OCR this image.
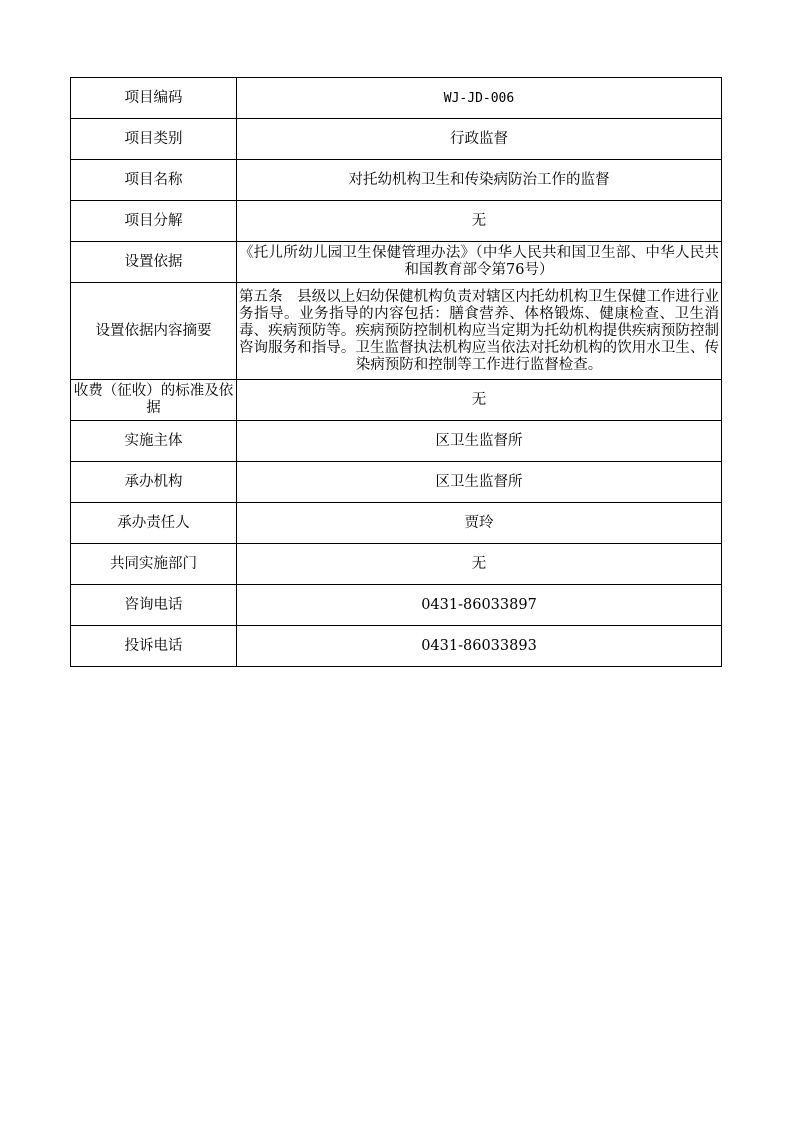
项目编码	WJ-JD-006
项目类别	行政监督
项目名称	对托幼机构卫生和传染病防治工作的监督
项目分解	无
设置依据	《托儿所幼儿园卫生保健管理办法》（中华人民共和国卫生部、中华人民共和国教育部令第76号）
设置依据内容摘要	第五条　县级以上妇幼保健机构负责对辖区内托幼机构卫生保健工作进行业务指导。业务指导的内容包括：膳食营养、体格锻炼、健康检查、卫生消毒、疾病预防等。疾病预防控制机构应当定期为托幼机构提供疾病预防控制咨询服务和指导。卫生监督执法机构应当依法对托幼机构的饮用水卫生、传染病预防和控制等工作进行监督检查。
收费（征收）的标准及依据	无
实施主体	区卫生监督所
承办机构	区卫生监督所
承办责任人	贾玲
共同实施部门	无
咨询电话	0431-86033897
投诉电话	0431-86033893
